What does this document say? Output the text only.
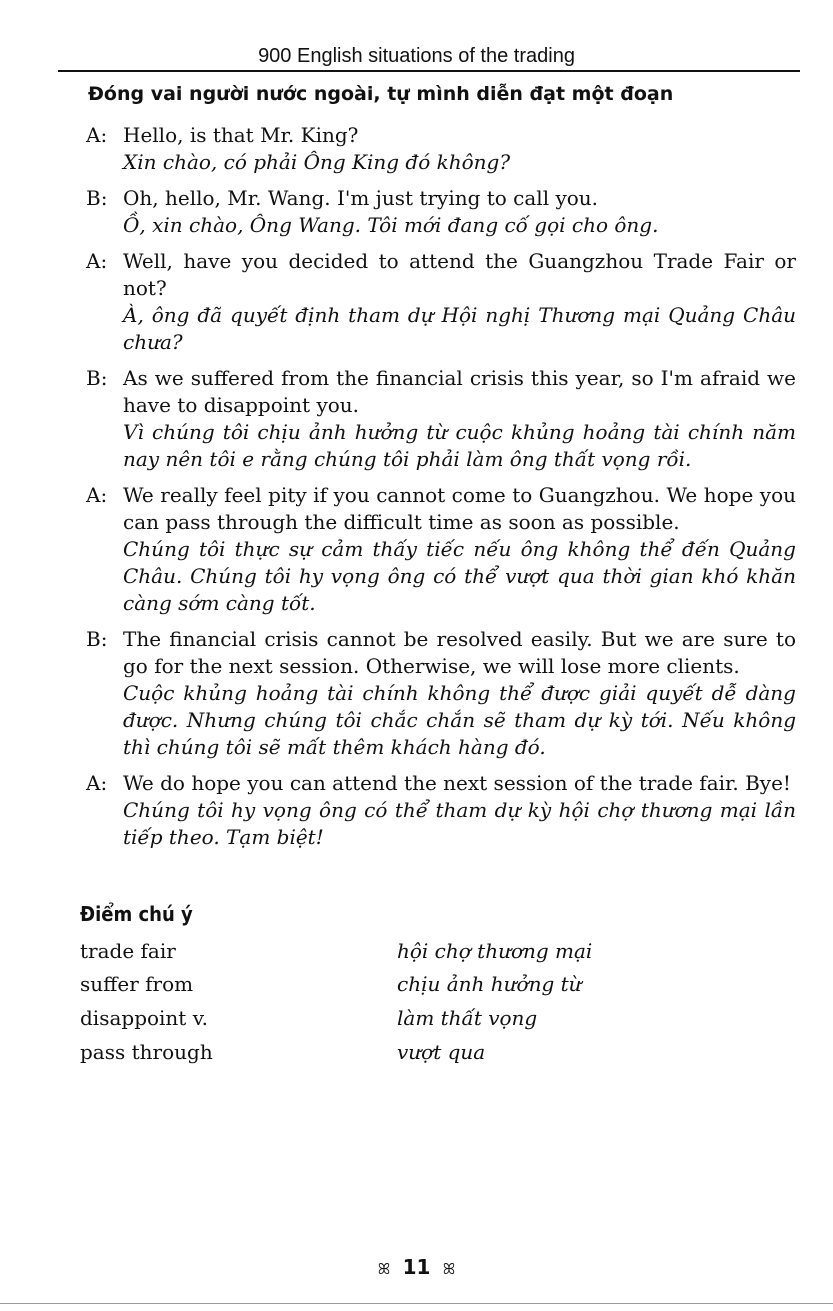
900 English situations of the trading
Đóng vai người nước ngoài, tự mình diễn đạt một đoạn
A: Hello, is that Mr. King?
Xin chào, có phải Ông King đó không?
B: Oh, hello, Mr. Wang. I'm just trying to call you.
Ồ, xin chào, Ông Wang. Tôi mới đang cố gọi cho ông.
A: Well, have you decided to attend the Guangzhou Trade Fair or not?
À, ông đã quyết định tham dự Hội nghị Thương mại Quảng Châu chưa?
B: As we suffered from the financial crisis this year, so I'm afraid we have to disappoint you.
Vì chúng tôi chịu ảnh hưởng từ cuộc khủng hoảng tài chính năm nay nên tôi e rằng chúng tôi phải làm ông thất vọng rồi.
A: We really feel pity if you cannot come to Guangzhou. We hope you can pass through the difficult time as soon as possible.
Chúng tôi thực sự cảm thấy tiếc nếu ông không thể đến Quảng Châu. Chúng tôi hy vọng ông có thể vượt qua thời gian khó khăn càng sớm càng tốt.
B: The financial crisis cannot be resolved easily. But we are sure to go for the next session. Otherwise, we will lose more clients.
Cuộc khủng hoảng tài chính không thể được giải quyết dễ dàng được. Nhưng chúng tôi chắc chắn sẽ tham dự kỳ tới. Nếu không thì chúng tôi sẽ mất thêm khách hàng đó.
A: We do hope you can attend the next session of the trade fair. Bye!
Chúng tôi hy vọng ông có thể tham dự kỳ hội chợ thương mại lần tiếp theo. Tạm biệt!
Điểm chú ý
trade fair	hội chợ thương mại
suffer from	chịu ảnh hưởng từ
disappoint v.	làm thất vọng
pass through	vượt qua
ꕤ 11 ꕤ
